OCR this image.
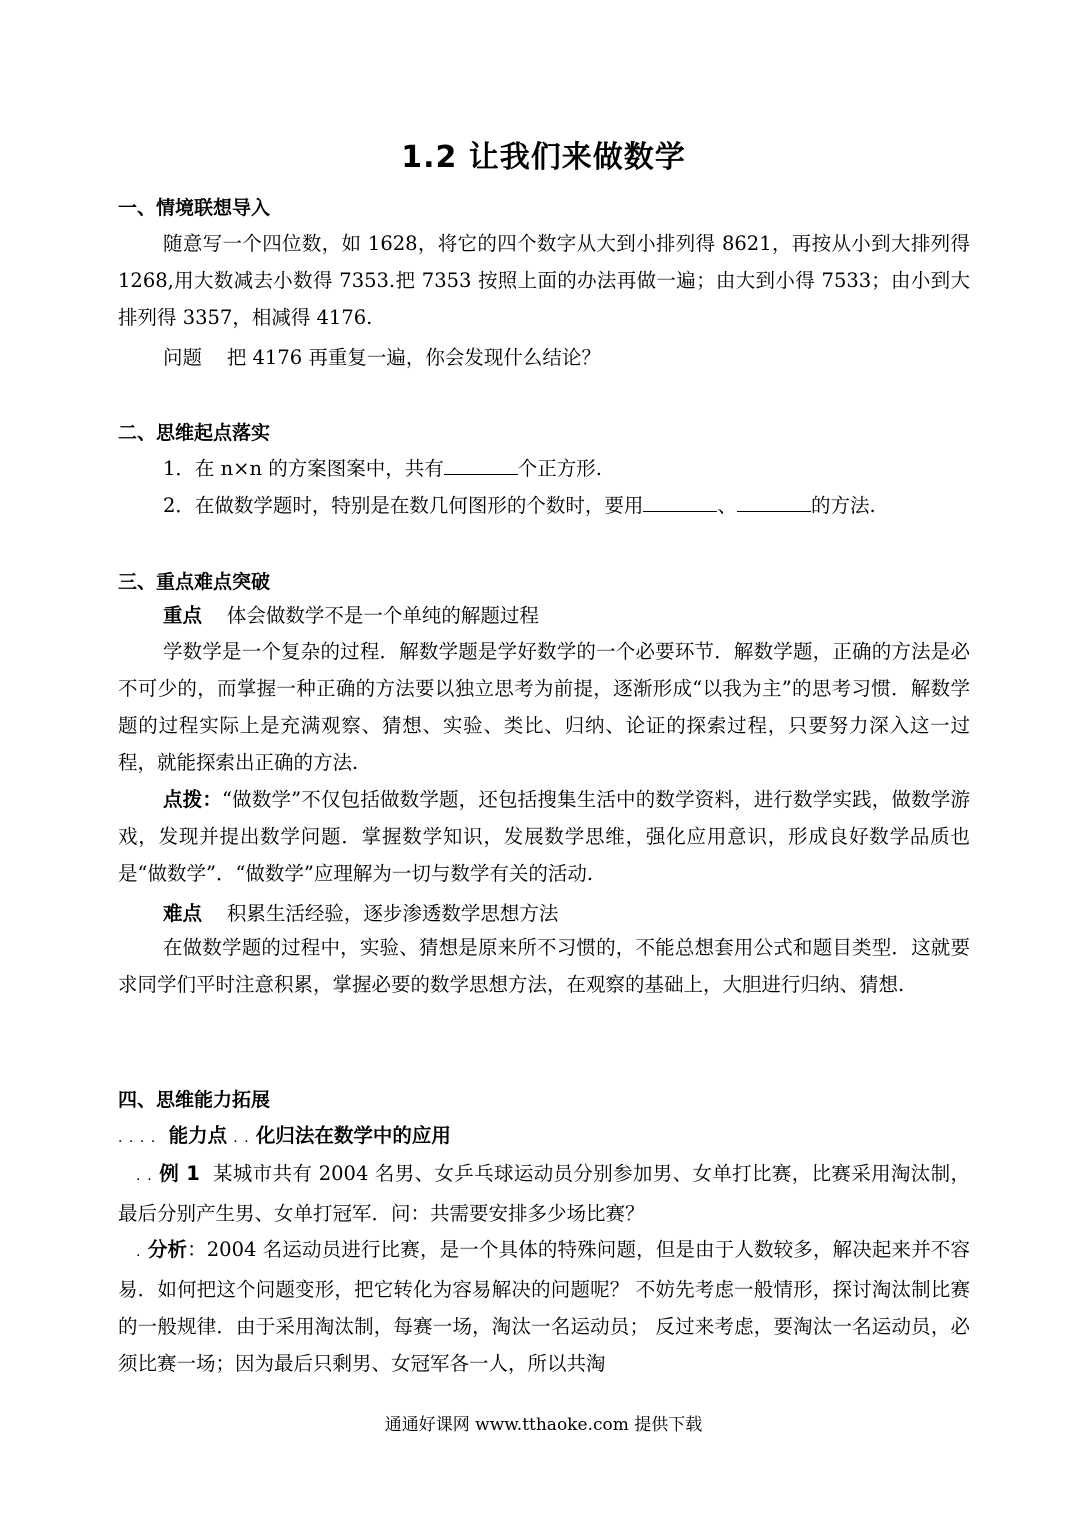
1.2 让我们来做数学
一、情境联想导入

随意写一个四位数，如 1628，将它的四个数字从大到小排列得 8621，再按从小到大排列得 1268,用大数减去小数得 7353.把 7353 按照上面的办法再做一遍；由大到小得 7533；由小到大排列得 3357，相减得 4176.

问题 把 4176 再重复一遍，你会发现什么结论？
二、思维起点落实
1．在 n×n 的方案图案中，共有	个正方形.
2．在做数学题时，特别是在数几何图形的个数时，要用	、	的方法.
三、重点难点突破
重点 体会做数学不是一个单纯的解题过程

学数学是一个复杂的过程．解数学题是学好数学的一个必要环节．解数学题，正确的方法是必不可少的，而掌握一种正确的方法要以独立思考为前提，逐渐形成“以我为主”的思考习惯．解数学题的过程实际上是充满观察、猜想、实验、类比、归纳、论证的探索过程，只要努力深入这一过程，就能探索出正确的方法.

点拨：“做数学”不仅包括做数学题，还包括搜集生活中的数学资料，进行数学实践，做数学游戏，发现并提出数学问题．掌握数学知识，发展数学思维，强化应用意识，形成良好数学品质也是“做数学”．“做数学”应理解为一切与数学有关的活动.

难点 积累生活经验，逐步渗透数学思想方法

在做数学题的过程中，实验、猜想是原来所不习惯的，不能总想套用公式和题目类型．这就要求同学们平时注意积累，掌握必要的数学思想方法，在观察的基础上，大胆进行归纳、猜想.

四、思维能力拓展
. . . . 能力点 . . 化归法在数学中的应用

. . 例 1 某城市共有 2004 名男、女乒乓球运动员分别参加男、女单打比赛，比赛采用淘汰制，最后分别产生男、女单打冠军．问：共需要安排多少场比赛？

. 分析：2004 名运动员进行比赛，是一个具体的特殊问题，但是由于人数较多，解决起来并不容易．如何把这个问题变形，把它转化为容易解决的问题呢？ 不妨先考虑一般情形，探讨淘汰制比赛的一般规律．由于采用淘汰制，每赛一场，淘汰一名运动员； 反过来考虑，要淘汰一名运动员，必须比赛一场；因为最后只剩男、女冠军各一人，所以共淘

通通好课网 www.tthaoke.com 提供下载
